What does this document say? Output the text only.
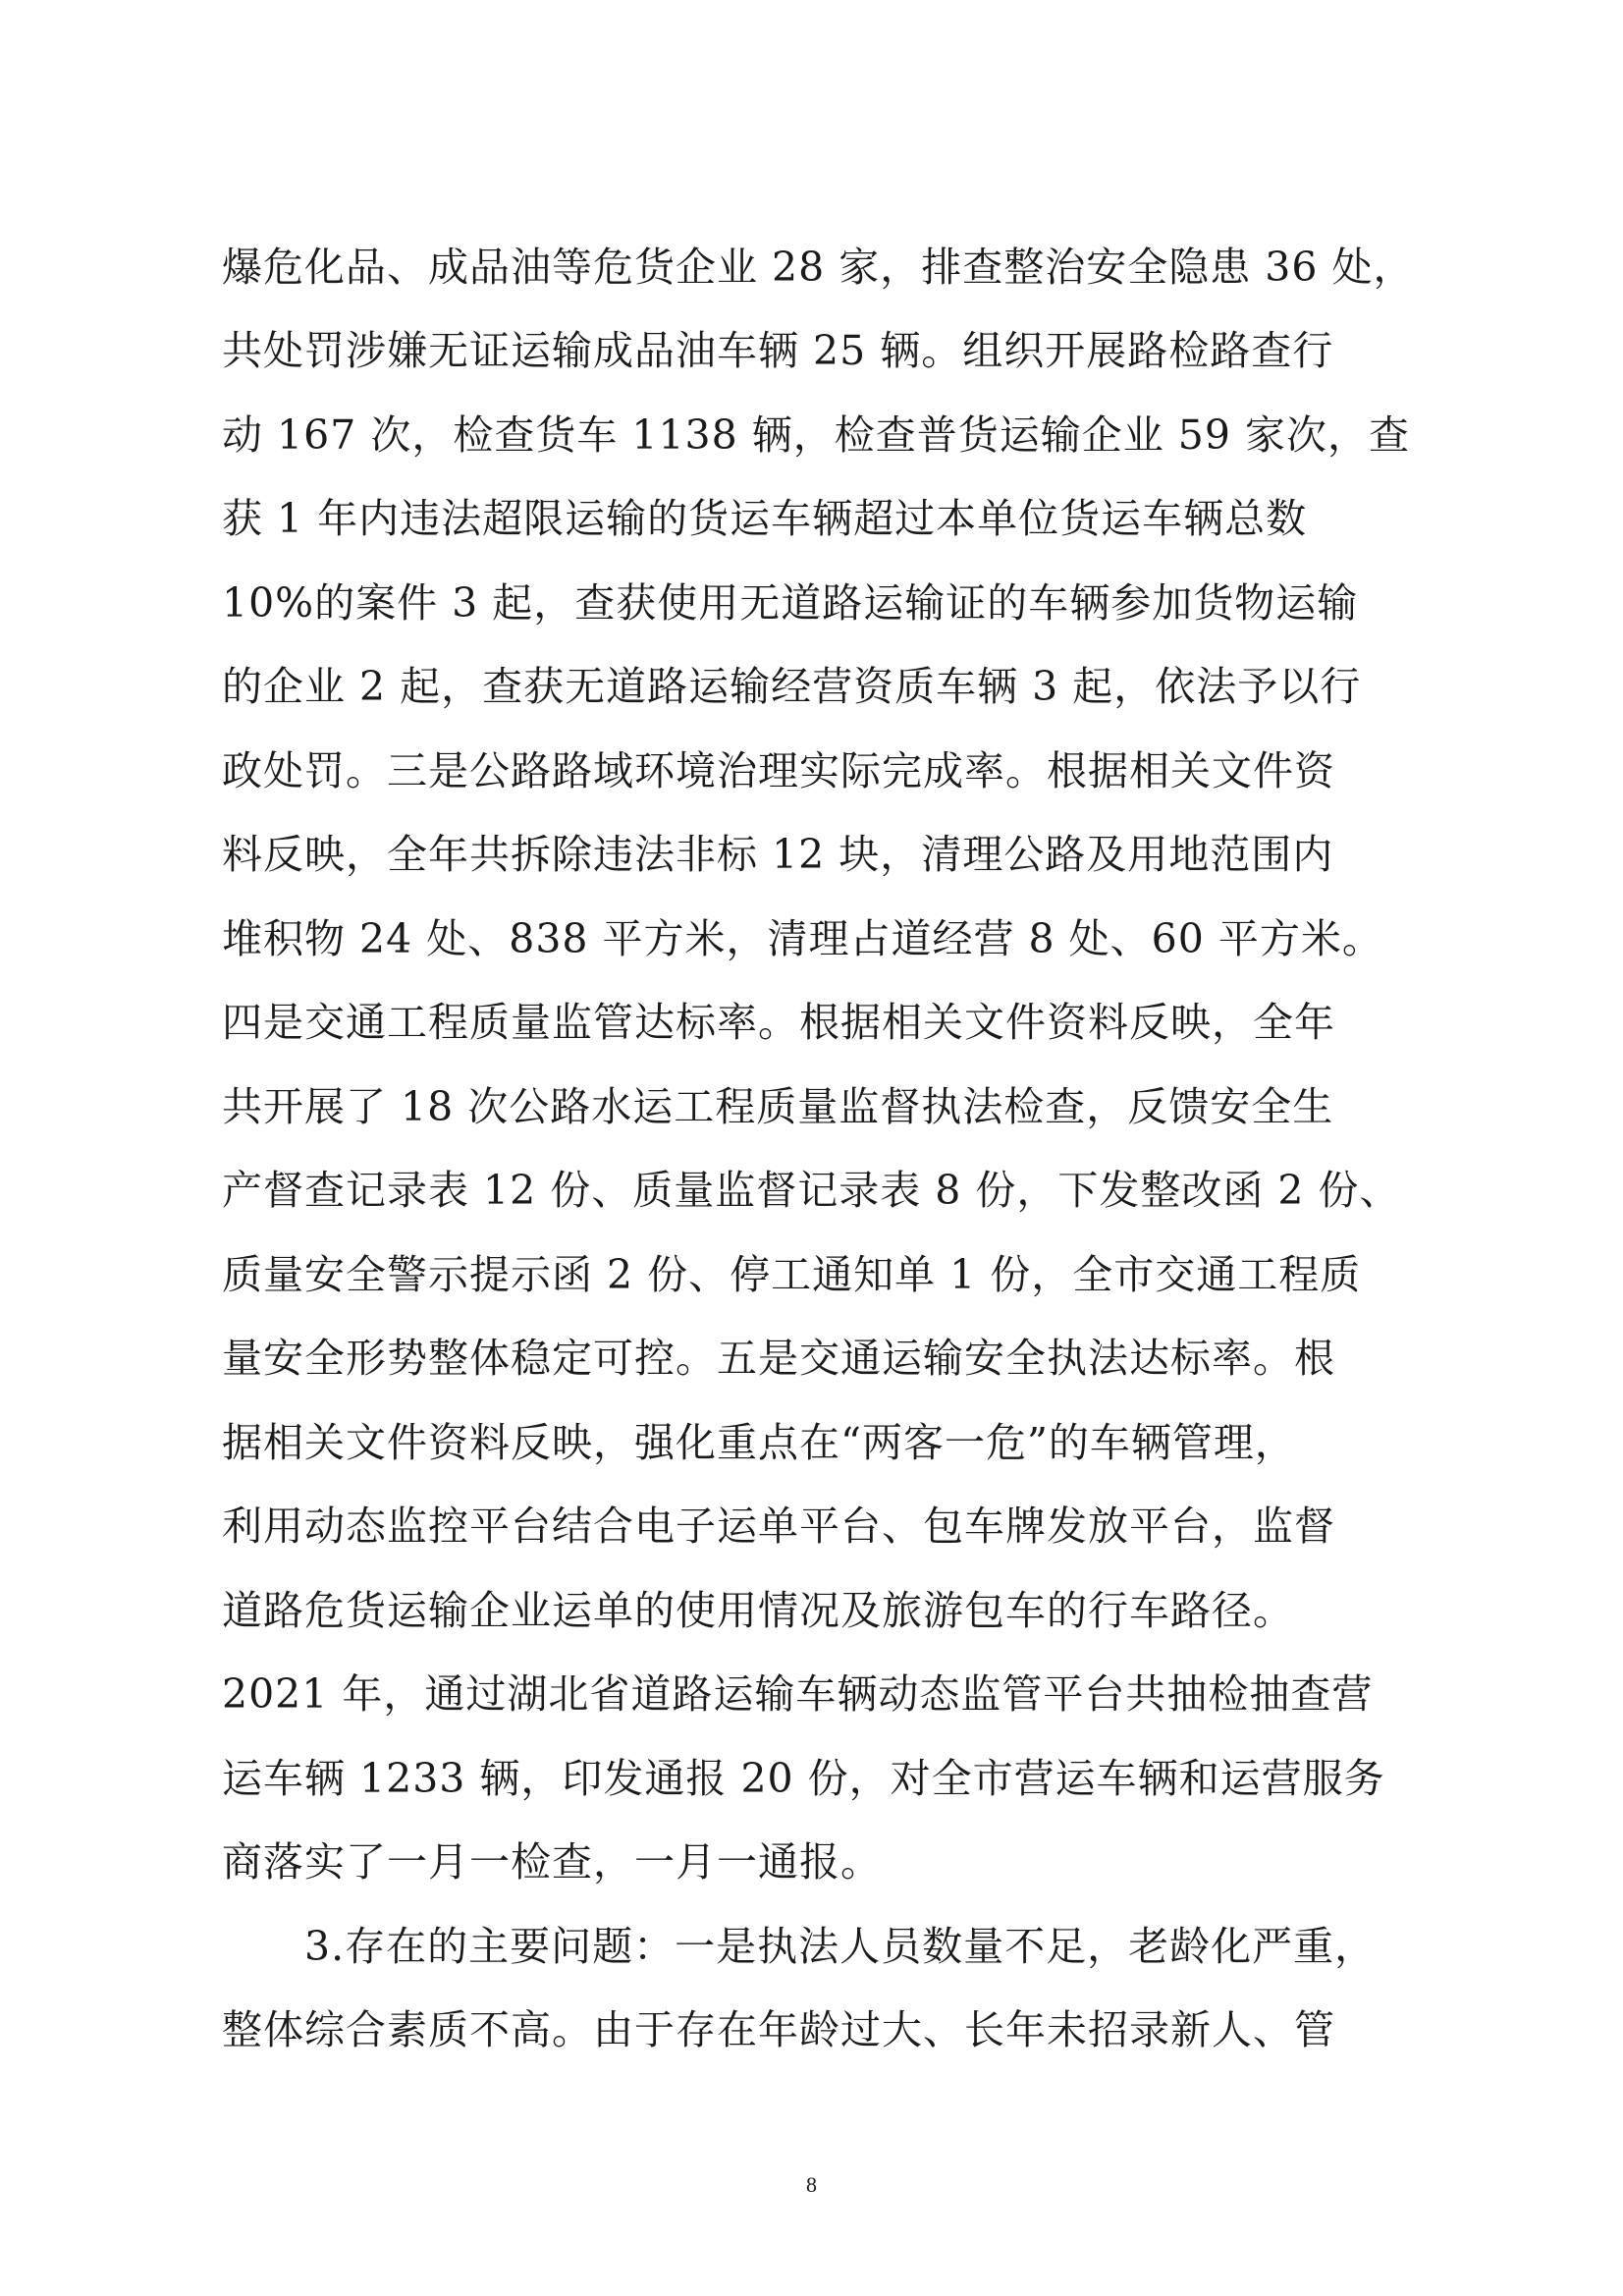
爆危化品、成品油等危货企业 28 家，排查整治安全隐患 36 处，
共处罚涉嫌无证运输成品油车辆 25 辆。组织开展路检路查行
动 167 次，检查货车 1138 辆，检查普货运输企业 59 家次，查
获 1 年内违法超限运输的货运车辆超过本单位货运车辆总数
10%的案件 3 起，查获使用无道路运输证的车辆参加货物运输
的企业 2 起，查获无道路运输经营资质车辆 3 起，依法予以行
政处罚。三是公路路域环境治理实际完成率。根据相关文件资
料反映，全年共拆除违法非标 12 块，清理公路及用地范围内
堆积物 24 处、838 平方米，清理占道经营 8 处、60 平方米。
四是交通工程质量监管达标率。根据相关文件资料反映，全年
共开展了 18 次公路水运工程质量监督执法检查，反馈安全生
产督查记录表 12 份、质量监督记录表 8 份，下发整改函 2 份、
质量安全警示提示函 2 份、停工通知单 1 份，全市交通工程质
量安全形势整体稳定可控。五是交通运输安全执法达标率。根
据相关文件资料反映，强化重点在“两客一危”的车辆管理，
利用动态监控平台结合电子运单平台、包车牌发放平台，监督
道路危货运输企业运单的使用情况及旅游包车的行车路径。
2021 年，通过湖北省道路运输车辆动态监管平台共抽检抽查营
运车辆 1233 辆，印发通报 20 份，对全市营运车辆和运营服务
商落实了一月一检查，一月一通报。
3.存在的主要问题：一是执法人员数量不足，老龄化严重，
整体综合素质不高。由于存在年龄过大、长年未招录新人、管
8
